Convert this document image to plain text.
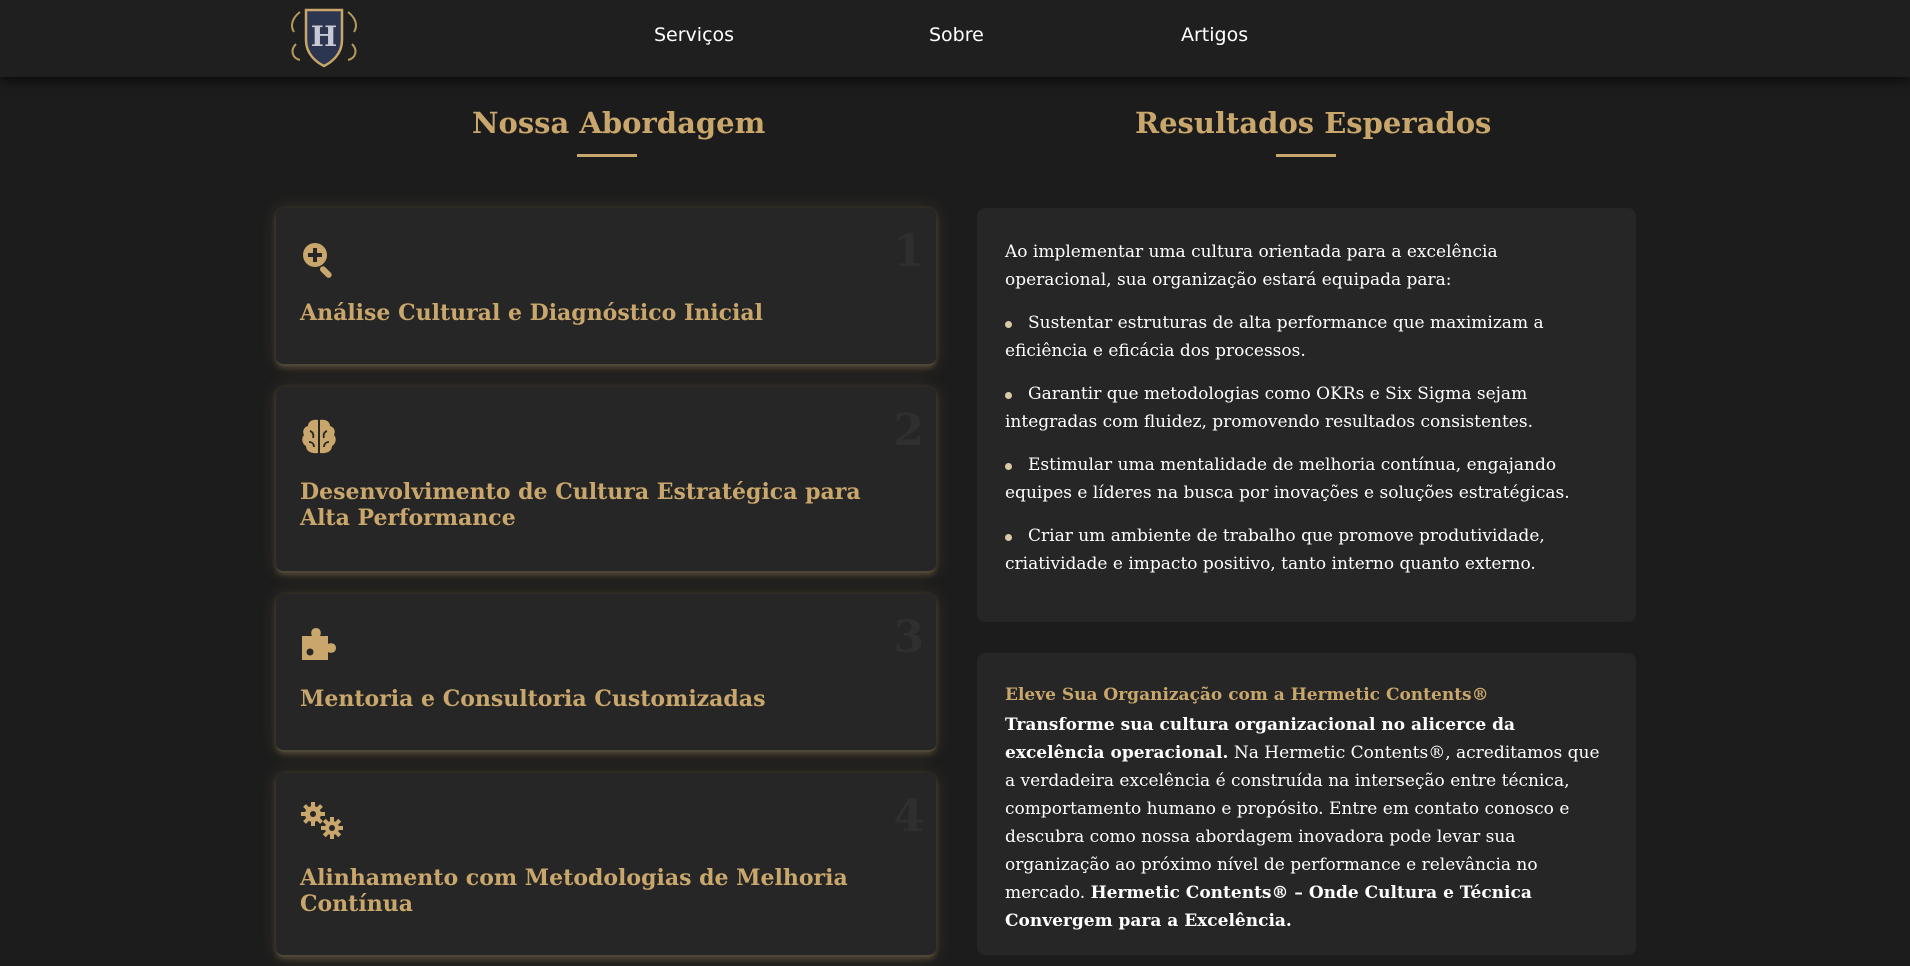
H	Serviços	Sobre	Artigos
Nossa Abordagem	Resultados Esperados
1
Análise Cultural e Diagnóstico Inicial
2
Desenvolvimento de Cultura Estratégica para Alta Performance
3
Mentoria e Consultoria Customizadas
4
Alinhamento com Metodologias de Melhoria Contínua

Ao implementar uma cultura orientada para a excelência operacional, sua organização estará equipada para:

Sustentar estruturas de alta performance que maximizam a eficiência e eficácia dos processos.
Garantir que metodologias como OKRs e Six Sigma sejam integradas com fluidez, promovendo resultados consistentes.
Estimular uma mentalidade de melhoria contínua, engajando equipes e líderes na busca por inovações e soluções estratégicas.
Criar um ambiente de trabalho que promove produtividade, criatividade e impacto positivo, tanto interno quanto externo.
Eleve Sua Organização com a Hermetic Contents®

Transforme sua cultura organizacional no alicerce da excelência operacional. Na Hermetic Contents®, acreditamos que a verdadeira excelência é construída na interseção entre técnica, comportamento humano e propósito. Entre em contato conosco e descubra como nossa abordagem inovadora pode levar sua organização ao próximo nível de performance e relevância no mercado. Hermetic Contents® – Onde Cultura e Técnica Convergem para a Excelência.
